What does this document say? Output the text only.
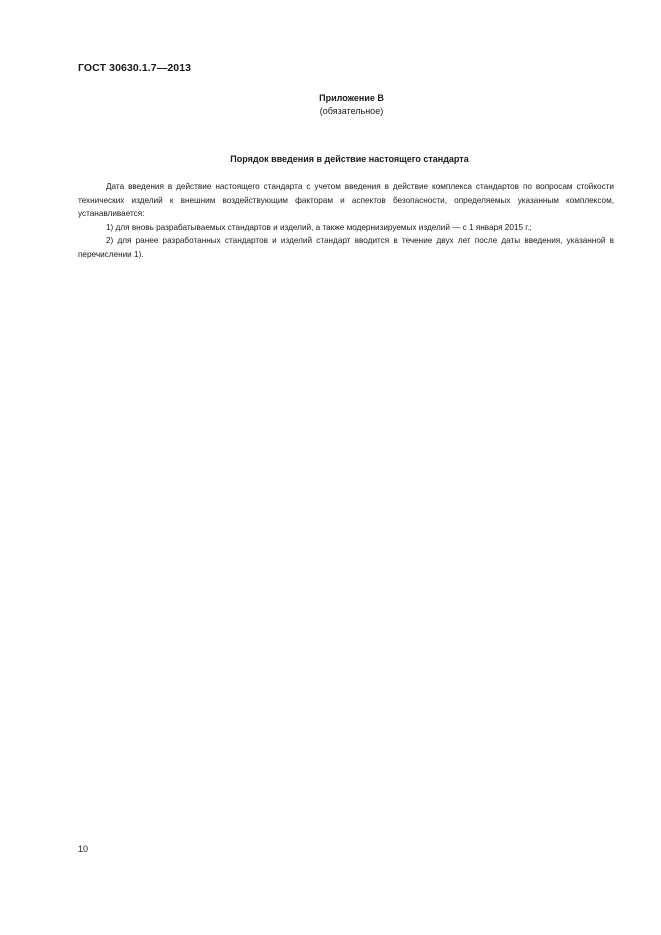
ГОСТ 30630.1.7—2013
Приложение В
(обязательное)
Порядок введения в действие настоящего стандарта

Дата введения в действие настоящего стандарта с учетом введения в действие комплекса стандартов по вопросам стойкости технических изделий к внешним воздействующим факторам и аспектов безопасности, определяемых указанным комплексом, устанавливается:

1) для вновь разрабатываемых стандартов и изделий, а также модернизируемых изделий — с 1 января 2015 г.;

2) для ранее разработанных стандартов и изделий стандарт вводится в течение двух лет после даты введения, указанной в перечислении 1).

10
